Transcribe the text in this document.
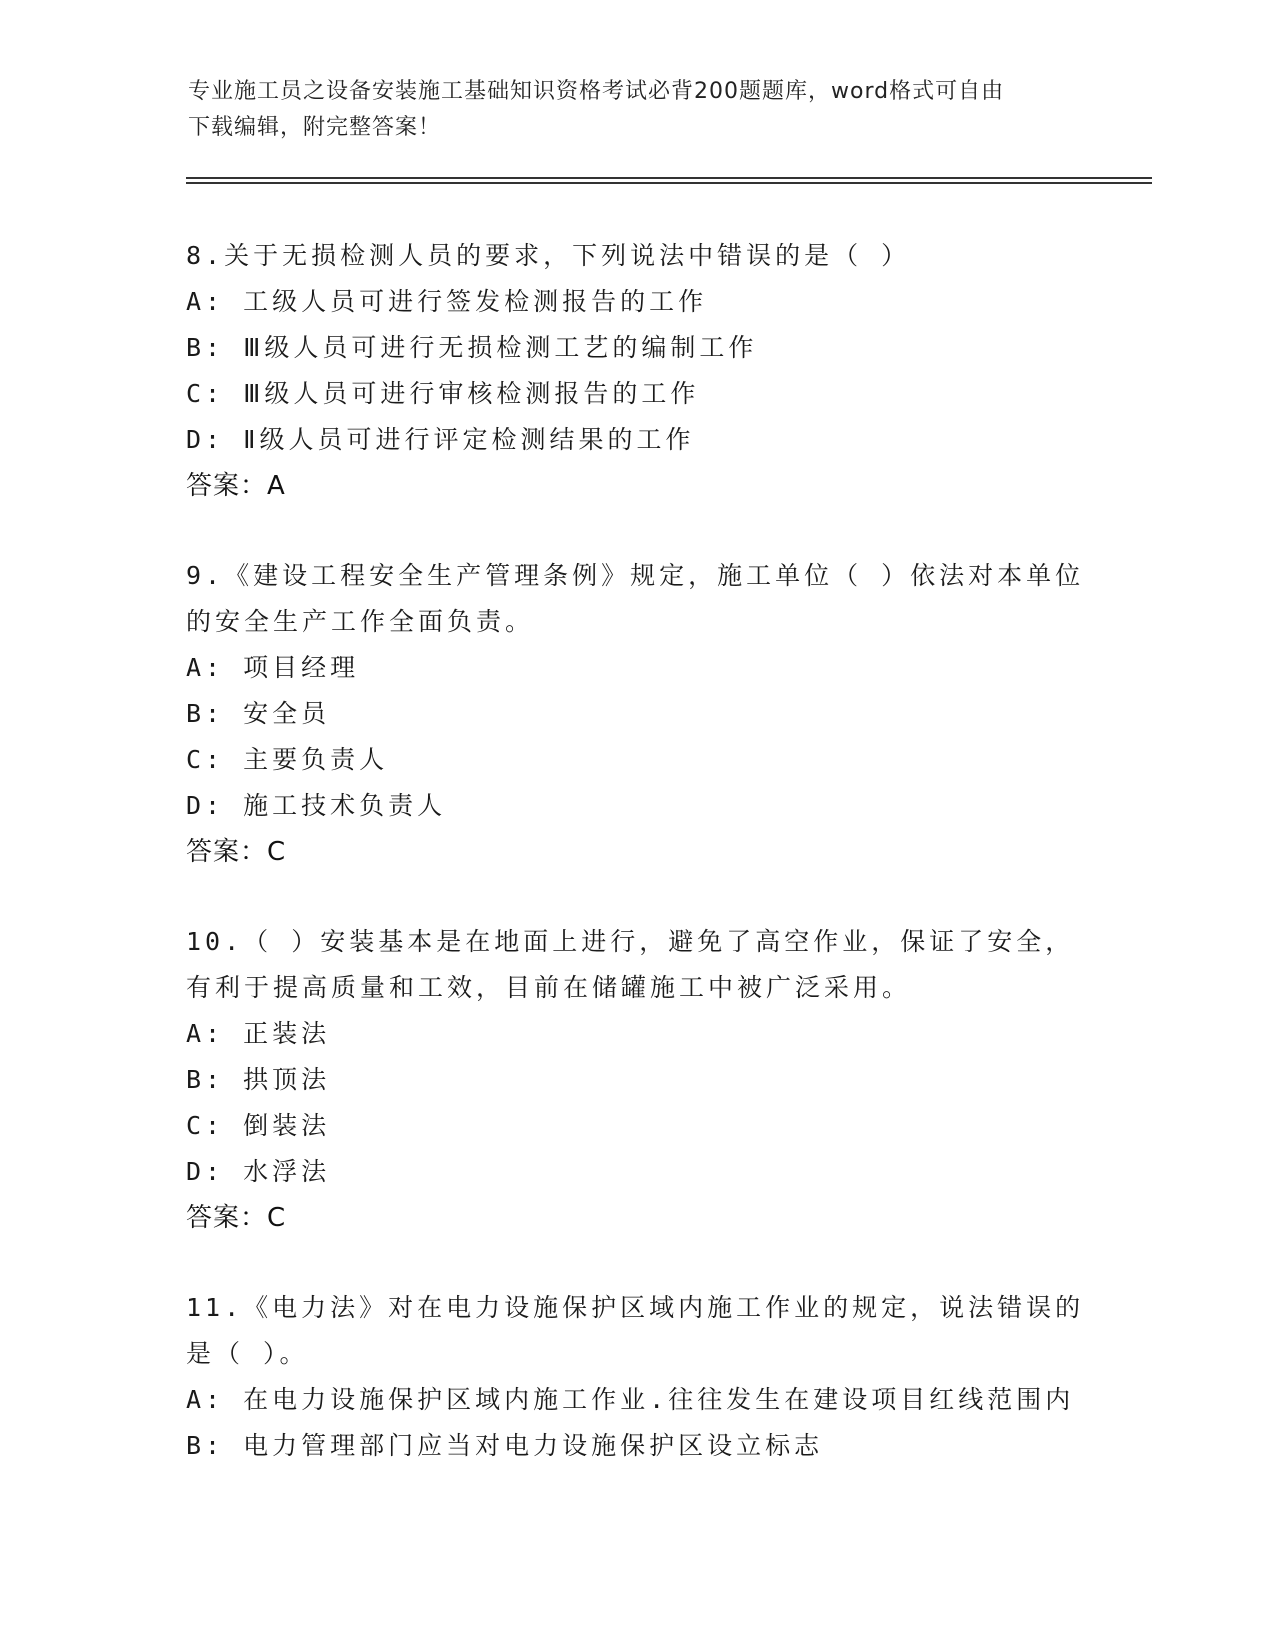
专业施工员之设备安装施工基础知识资格考试必背200题题库，word格式可自由
下载编辑，附完整答案！
8.关于无损检测人员的要求，下列说法中错误的是（ ）
A: 工级人员可进行签发检测报告的工作
B: Ⅲ级人员可进行无损检测工艺的编制工作
C: Ⅲ级人员可进行审核检测报告的工作
D: Ⅱ级人员可进行评定检测结果的工作
答案：A
9.《建设工程安全生产管理条例》规定，施工单位（ ）依法对本单位的安全生产工作全面负责。
A: 项目经理
B: 安全员
C: 主要负责人
D: 施工技术负责人
答案：C
10.（ ）安装基本是在地面上进行，避免了高空作业，保证了安全，有利于提高质量和工效，目前在储罐施工中被广泛采用。
A: 正装法
B: 拱顶法
C: 倒装法
D: 水浮法
答案：C
11.《电力法》对在电力设施保护区域内施工作业的规定，说法错误的是（ ）。
A: 在电力设施保护区域内施工作业.往往发生在建设项目红线范围内
B: 电力管理部门应当对电力设施保护区设立标志
